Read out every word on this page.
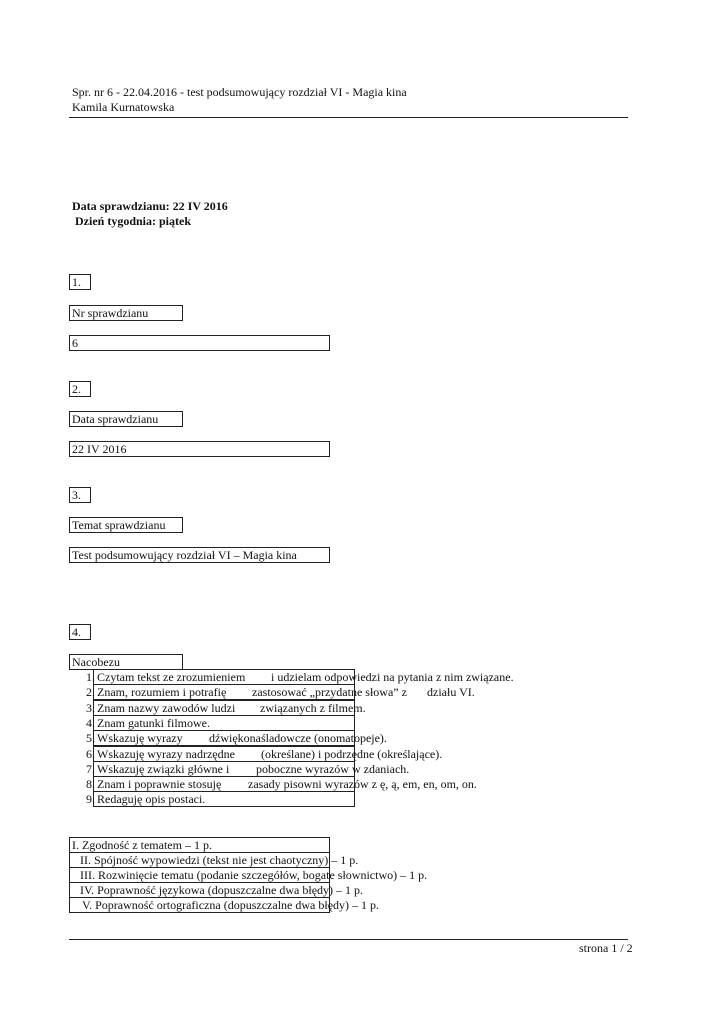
Spr. nr 6 - 22.04.2016 - test podsumowujący rozdział VI - Magia kina
Kamila Kurnatowska
Data sprawdzianu: 22 IV 2016
Dzień tygodnia: piątek
1.
Nr sprawdzianu
6
2.
Data sprawdzianu
22 IV 2016
3.
Temat sprawdzianu
Test podsumowujący rozdział VI – Magia kina
4.
Nacobezu
1. Czytam tekst ze zrozumieniem i udzielam odpowiedzi na pytania z nim związane.
2. Znam, rozumiem i potrafię zastosować „przydatne słowa” z działu VI.
3. Znam nazwy zawodów ludzi związanych z filmem.
4. Znam gatunki filmowe.
5. Wskazuję wyrazy dźwiękonaśladowcze (onomatopeje).
6. Wskazuję wyrazy nadrzędne (określane) i podrzędne (określające).
7. Wskazuję związki główne i poboczne wyrazów w zdaniach.
8. Znam i poprawnie stosuję zasady pisowni wyrazów z ę, ą, em, en, om, on.
9. Redaguję opis postaci.
I. Zgodność z tematem – 1 p.
II. Spójność wypowiedzi (tekst nie jest chaotyczny) – 1 p.
III. Rozwinięcie tematu (podanie szczegółów, bogate słownictwo) – 1 p.
IV. Poprawność językowa (dopuszczalne dwa błędy) – 1 p.
V. Poprawność ortograficzna (dopuszczalne dwa błędy) – 1 p.
strona 1 / 2
